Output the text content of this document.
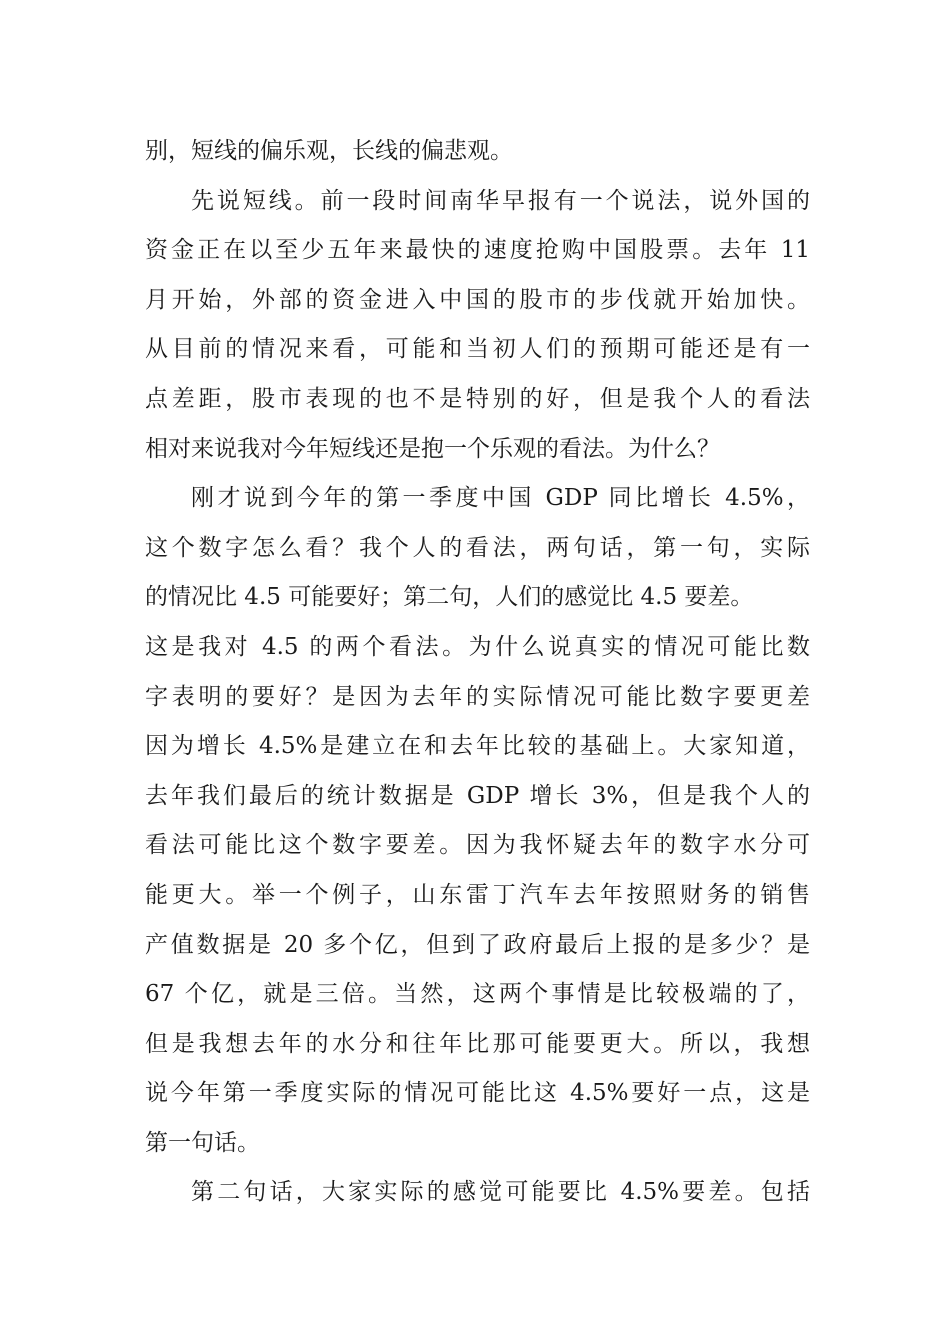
别，短线的偏乐观，长线的偏悲观。
先说短线。前一段时间南华早报有一个说法，说外国的
资金正在以至少五年来最快的速度抢购中国股票。去年 11
月开始，外部的资金进入中国的股市的步伐就开始加快。
从目前的情况来看，可能和当初人们的预期可能还是有一
点差距，股市表现的也不是特别的好，但是我个人的看法
相对来说我对今年短线还是抱一个乐观的看法。为什么？
刚才说到今年的第一季度中国 GDP 同比增长 4.5%，
这个数字怎么看？我个人的看法，两句话，第一句，实际
的情况比 4.5 可能要好；第二句，人们的感觉比 4.5 要差。
这是我对 4.5 的两个看法。为什么说真实的情况可能比数
字表明的要好？是因为去年的实际情况可能比数字要更差
因为增长 4.5%是建立在和去年比较的基础上。大家知道，
去年我们最后的统计数据是 GDP 增长 3%，但是我个人的
看法可能比这个数字要差。因为我怀疑去年的数字水分可
能更大。举一个例子，山东雷丁汽车去年按照财务的销售
产值数据是 20 多个亿，但到了政府最后上报的是多少？是
67 个亿，就是三倍。当然，这两个事情是比较极端的了，
但是我想去年的水分和往年比那可能要更大。所以，我想
说今年第一季度实际的情况可能比这 4.5%要好一点，这是
第一句话。
第二句话，大家实际的感觉可能要比 4.5%要差。包括
